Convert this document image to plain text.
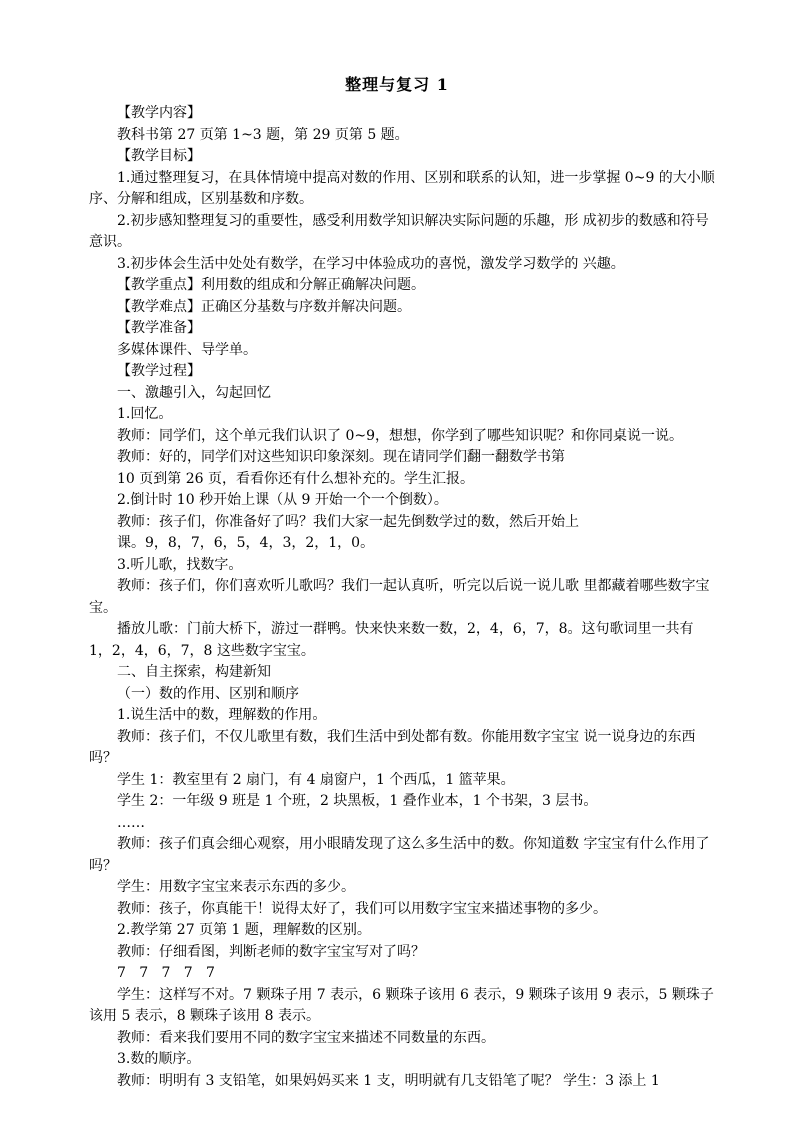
整理与复习 1

【教学内容】

教科书第 27 页第 1~3 题，第 29 页第 5 题。

【教学目标】

1.通过整理复习，在具体情境中提高对数的作用、区别和联系的认知，进一步掌握 0~9 的大小顺序、分解和组成，区别基数和序数。

2.初步感知整理复习的重要性，感受利用数学知识解决实际问题的乐趣，形 成初步的数感和符号意识。

3.初步体会生活中处处有数学，在学习中体验成功的喜悦，激发学习数学的 兴趣。

【教学重点】利用数的组成和分解正确解决问题。

【教学难点】正确区分基数与序数并解决问题。

【教学准备】

多媒体课件、导学单。

【教学过程】

一、激趣引入，勾起回忆

1.回忆。

教师：同学们，这个单元我们认识了 0~9，想想，你学到了哪些知识呢？和你同桌说一说。

教师：好的，同学们对这些知识印象深刻。现在请同学们翻一翻数学书第

10 页到第 26 页，看看你还有什么想补充的。学生汇报。

2.倒计时 10 秒开始上课（从 9 开始一个一个倒数）。

教师：孩子们，你准备好了吗？我们大家一起先倒数学过的数，然后开始上

课。9，8，7，6，5，4，3，2，1，0。

3.听儿歌，找数字。

教师：孩子们，你们喜欢听儿歌吗？我们一起认真听，听完以后说一说儿歌 里都藏着哪些数字宝宝。

播放儿歌：门前大桥下，游过一群鸭。快来快来数一数，2，4，6，7，8。这句歌词里一共有 1，2，4，6，7，8 这些数字宝宝。

二、自主探索，构建新知

（一）数的作用、区别和顺序

1.说生活中的数，理解数的作用。

教师：孩子们，不仅儿歌里有数，我们生活中到处都有数。你能用数字宝宝 说一说身边的东西吗？

学生 1：教室里有 2 扇门，有 4 扇窗户，1 个西瓜，1 篮苹果。

学生 2：一年级 9 班是 1 个班，2 块黑板，1 叠作业本，1 个书架，3 层书。

……

教师：孩子们真会细心观察，用小眼睛发现了这么多生活中的数。你知道数 字宝宝有什么作用了吗？

学生：用数字宝宝来表示东西的多少。

教师：孩子，你真能干！说得太好了，我们可以用数字宝宝来描述事物的多少。

2.教学第 27 页第 1 题，理解数的区别。

教师：仔细看图，判断老师的数字宝宝写对了吗？

7   7   7   7   7

学生：这样写不对。7 颗珠子用 7 表示，6 颗珠子该用 6 表示，9 颗珠子该用 9 表示，5 颗珠子该用 5 表示，8 颗珠子该用 8 表示。

教师：看来我们要用不同的数字宝宝来描述不同数量的东西。

3.数的顺序。

教师：明明有 3 支铅笔，如果妈妈买来 1 支，明明就有几支铅笔了呢？ 学生：3 添上 1
